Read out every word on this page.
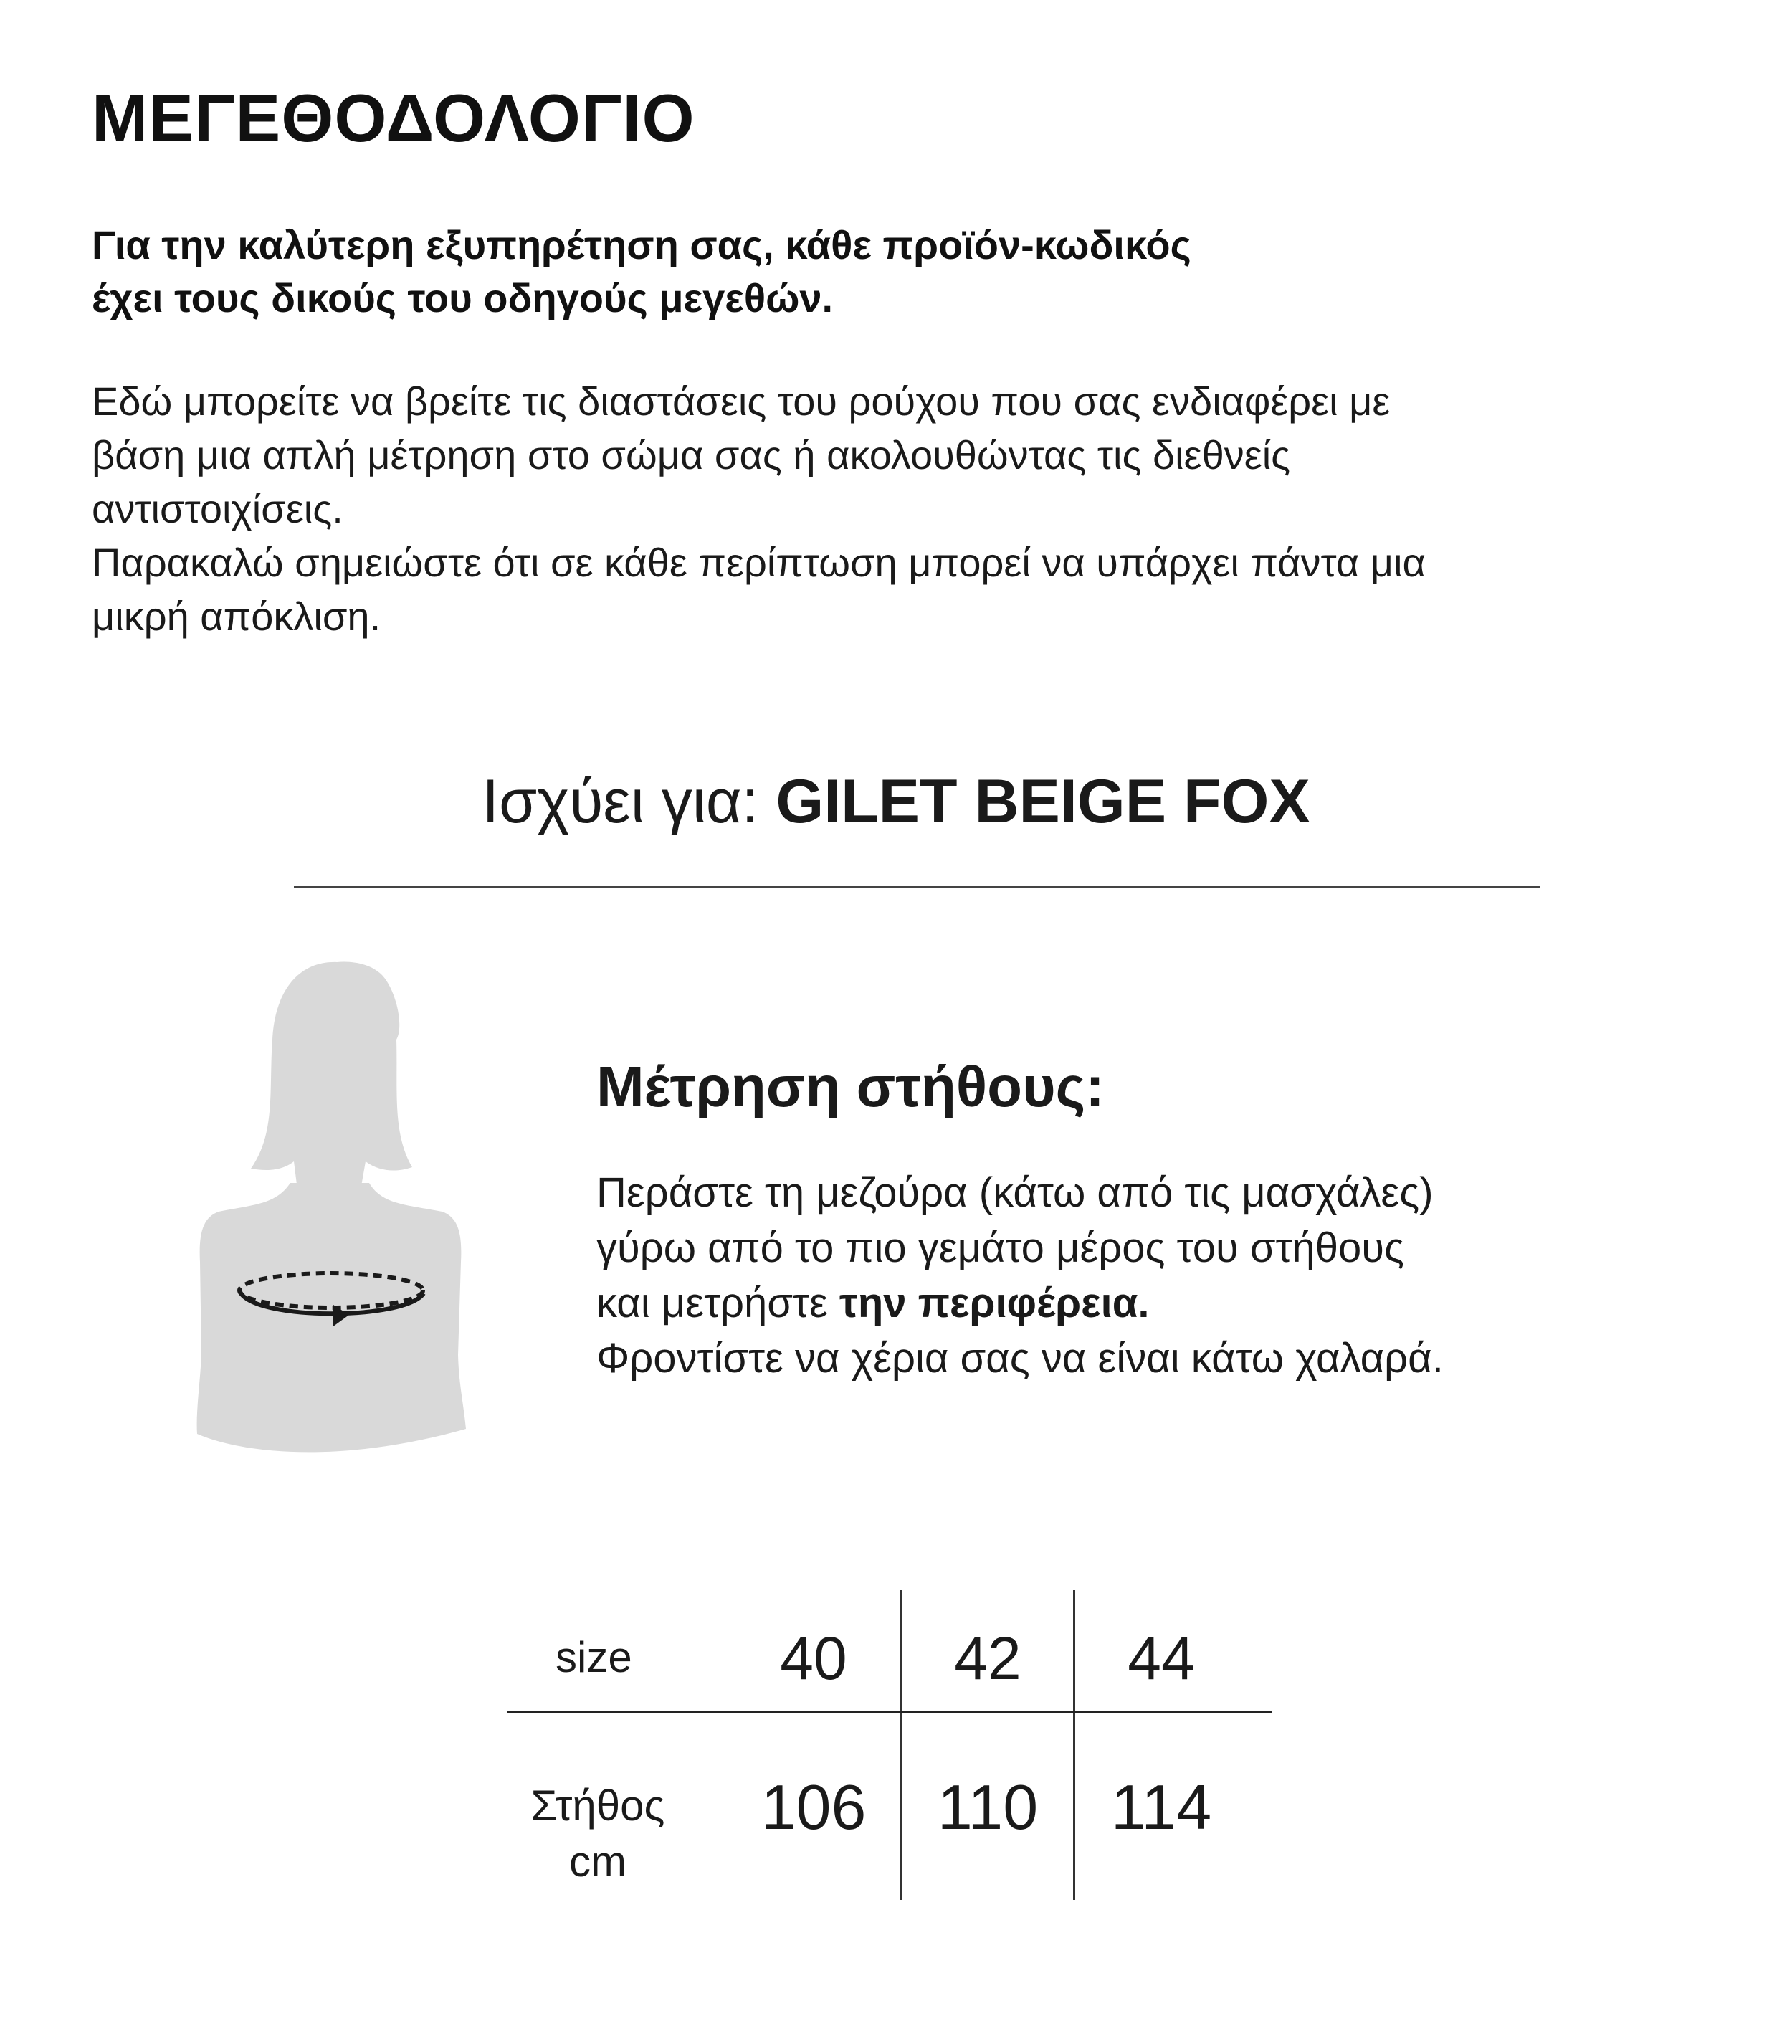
ΜΕΓΕΘΟΔΟΛΟΓΙΟ
Για την καλύτερη εξυπηρέτηση σας, κάθε προϊόν-κωδικός
έχει τους δικούς του οδηγούς μεγεθών.
Εδώ μπορείτε να βρείτε τις διαστάσεις του ρούχου που σας ενδιαφέρει με
βάση μια απλή μέτρηση στο σώμα σας ή ακολουθώντας τις διεθνείς
αντιστοιχίσεις.
Παρακαλώ σημειώστε ότι σε κάθε περίπτωση μπορεί να υπάρχει πάντα μια
μικρή απόκλιση.
Ισχύει για: GILET BEIGE FOX
Μέτρηση στήθους:
Περάστε τη μεζούρα (κάτω από τις μασχάλες)
γύρω από το πιο γεμάτο μέρος του στήθους
και μετρήστε την περιφέρεια.
Φροντίστε να χέρια σας να είναι κάτω χαλαρά.
size	40	42	44
Στήθος
cm
106	110	114
